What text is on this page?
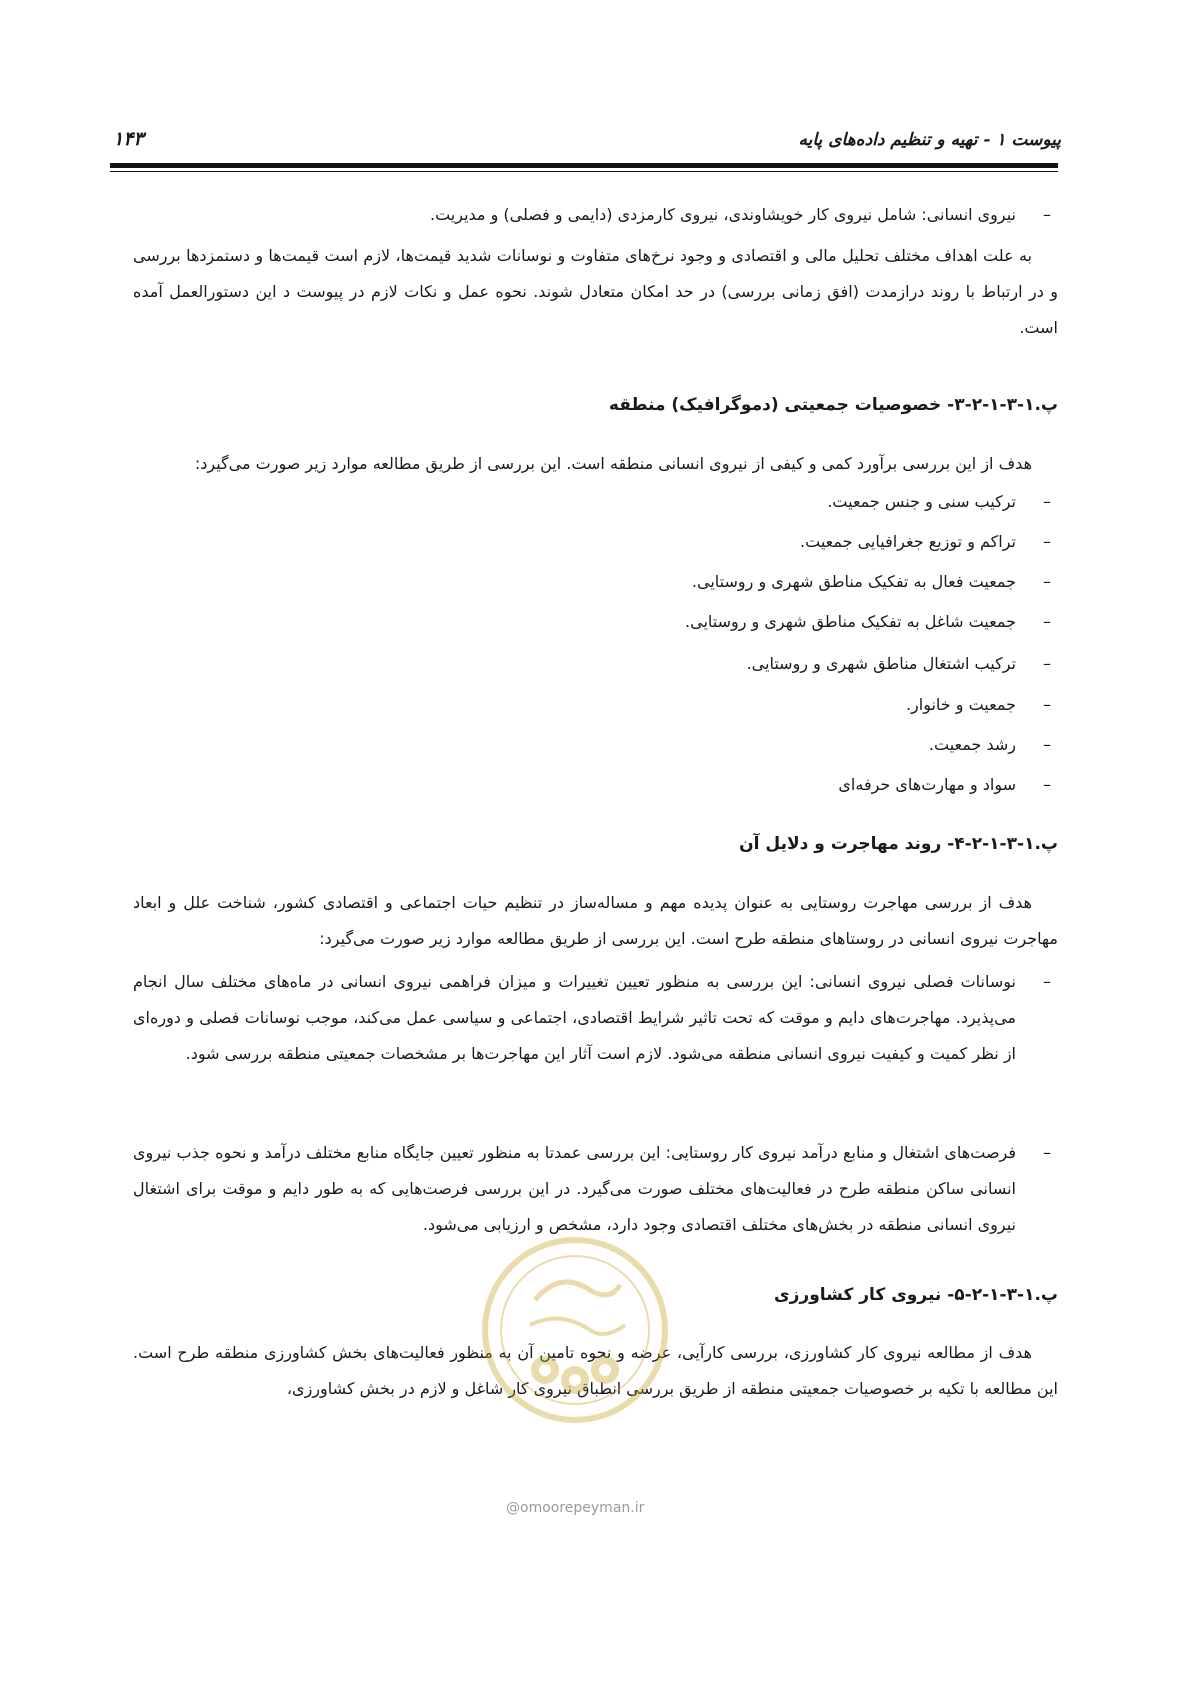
پیوست ۱ - تهیه و تنظیم داده‌های پایه
۱۴۳
–
نیروی انسانی: شامل نیروی کار خویشاوندی، نیروی کارمزدی (دایمی و فصلی) و مدیریت.

به علت اهداف مختلف تحلیل مالی و اقتصادی و وجود نرخ‌های متفاوت و نوسانات شدید قیمت‌ها، لازم است قیمت‌ها و دستمزدها بررسی و در ارتباط با روند درازمدت (افق زمانی بررسی) در حد امکان متعادل شوند. نحوه عمل و نکات لازم در پیوست د این دستورالعمل آمده است.

پ.۱-۳-۱-۲-۳- خصوصیات جمعیتی (دموگرافیک) منطقه

هدف از این بررسی برآورد کمی و کیفی از نیروی انسانی منطقه است. این بررسی از طریق مطالعه موارد زیر صورت می‌گیرد:

–
ترکیب سنی و جنس جمعیت.
–
تراکم و توزیع جغرافیایی جمعیت.
–
جمعیت فعال به تفکیک مناطق شهری و روستایی.
–
جمعیت شاغل به تفکیک مناطق شهری و روستایی.
–
ترکیب اشتغال مناطق شهری و روستایی.
–
جمعیت و خانوار.
–
رشد جمعیت.
–
سواد و مهارت‌های حرفه‌ای
پ.۱-۳-۱-۲-۴- روند مهاجرت و دلایل آن

هدف از بررسی مهاجرت روستایی به عنوان پدیده مهم و مساله‌ساز در تنظیم حیات اجتماعی و اقتصادی کشور، شناخت علل و ابعاد مهاجرت نیروی انسانی در روستاهای منطقه طرح است. این بررسی از طریق مطالعه موارد زیر صورت می‌گیرد:

–
نوسانات فصلی نیروی انسانی: این بررسی به منظور تعیین تغییرات و میزان فراهمی نیروی انسانی در ماه‌های مختلف سال انجام می‌پذیرد. مهاجرت‌های دایم و موقت که تحت تاثیر شرایط اقتصادی، اجتماعی و سیاسی عمل می‌کند، موجب نوسانات فصلی و دوره‌ای از نظر کمیت و کیفیت نیروی انسانی منطقه می‌شود. لازم است آثار این مهاجرت‌ها بر مشخصات جمعیتی منطقه بررسی شود.
–
فرصت‌های اشتغال و منابع درآمد نیروی کار روستایی: این بررسی عمدتا به منظور تعیین جایگاه منابع مختلف درآمد و نحوه جذب نیروی انسانی ساکن منطقه طرح در فعالیت‌های مختلف صورت می‌گیرد. در این بررسی فرصت‌هایی که به طور دایم و موقت برای اشتغال نیروی انسانی منطقه در بخش‌های مختلف اقتصادی وجود دارد، مشخص و ارزیابی می‌شود.
پ.۱-۳-۱-۲-۵- نیروی کار کشاورزی

هدف از مطالعه نیروی کار کشاورزی، بررسی کارآیی، عرضه و نحوه تامین آن به منظور فعالیت‌های بخش کشاورزی منطقه طرح است. این مطالعه با تکیه بر خصوصیات جمعیتی منطقه از طریق بررسی انطباق نیروی کار شاغل و لازم در بخش کشاورزی،

@omoorepeyman.ir
